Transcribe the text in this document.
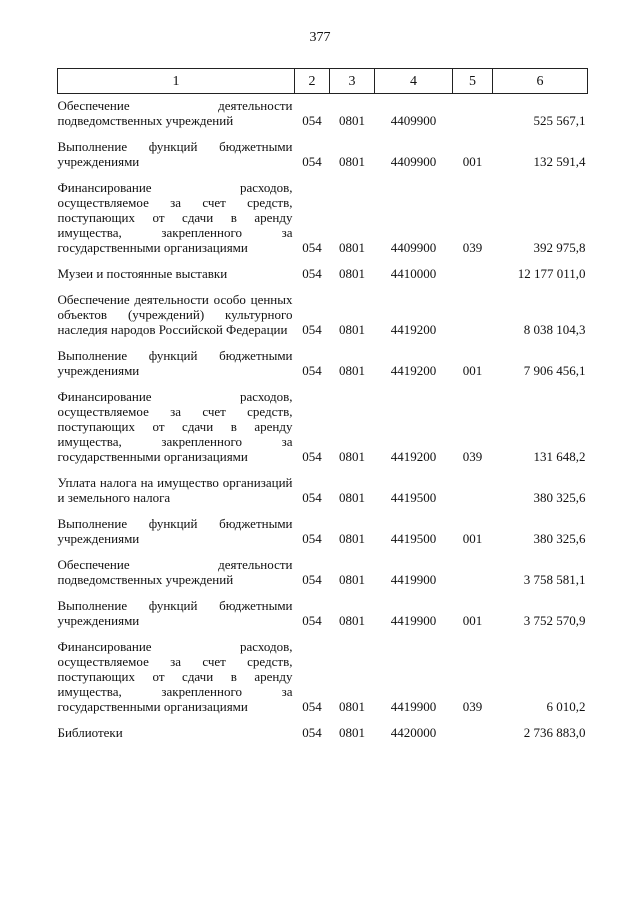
377
1	2	3	4	5	6
Обеспечение деятельности подведомственных учреждений	054	0801	4409900		525 567,1
Выполнение функций бюджетными учреждениями	054	0801	4409900	001	132 591,4
Финансирование расходов, осуществляемое за счет средств, поступающих от сдачи в аренду имущества, закрепленного за государственными организациями	054	0801	4409900	039	392 975,8
Музеи и постоянные выставки	054	0801	4410000		12 177 011,0
Обеспечение деятельности особо ценных объектов (учреждений) культурного наследия народов Российской Федерации	054	0801	4419200		8 038 104,3
Выполнение функций бюджетными учреждениями	054	0801	4419200	001	7 906 456,1
Финансирование расходов, осуществляемое за счет средств, поступающих от сдачи в аренду имущества, закрепленного за государственными организациями	054	0801	4419200	039	131 648,2
Уплата налога на имущество организаций и земельного налога	054	0801	4419500		380 325,6
Выполнение функций бюджетными учреждениями	054	0801	4419500	001	380 325,6
Обеспечение деятельности подведомственных учреждений	054	0801	4419900		3 758 581,1
Выполнение функций бюджетными учреждениями	054	0801	4419900	001	3 752 570,9
Финансирование расходов, осуществляемое за счет средств, поступающих от сдачи в аренду имущества, закрепленного за государственными организациями	054	0801	4419900	039	6 010,2
Библиотеки	054	0801	4420000		2 736 883,0
